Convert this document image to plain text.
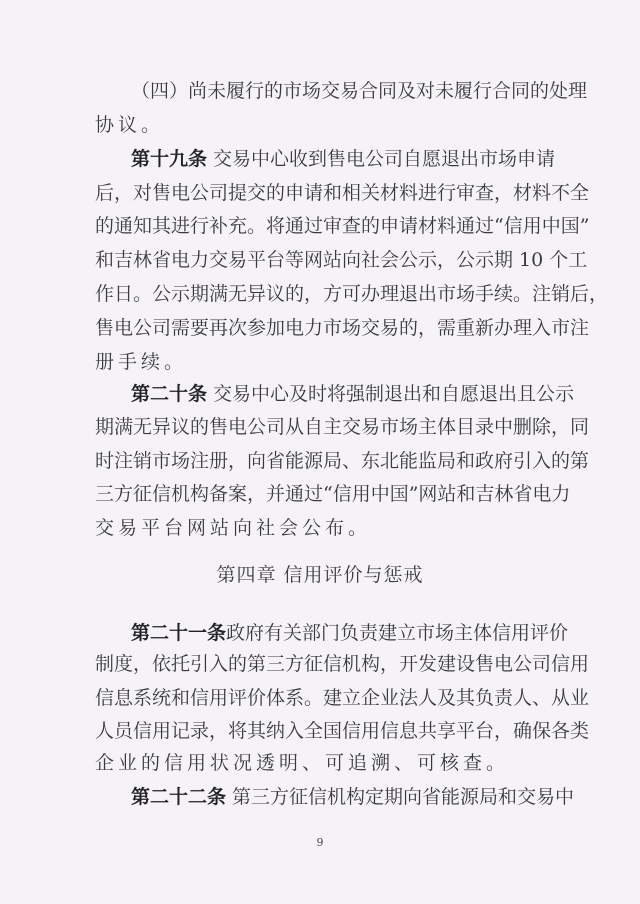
（四）尚未履行的市场交易合同及对未履行合同的处理
协议。
第十九条 交易中心收到售电公司自愿退出市场申请
后，对售电公司提交的申请和相关材料进行审查，材料不全
的通知其进行补充。将通过审查的申请材料通过“信用中国”
和吉林省电力交易平台等网站向社会公示，公示期 10 个工
作日。公示期满无异议的，方可办理退出市场手续。注销后，
售电公司需要再次参加电力市场交易的，需重新办理入市注
册手续。
第二十条 交易中心及时将强制退出和自愿退出且公示
期满无异议的售电公司从自主交易市场主体目录中删除，同
时注销市场注册，向省能源局、东北能监局和政府引入的第
三方征信机构备案，并通过“信用中国”网站和吉林省电力
交易平台网站向社会公布。
第四章 信用评价与惩戒
第二十一条政府有关部门负责建立市场主体信用评价
制度，依托引入的第三方征信机构，开发建设售电公司信用
信息系统和信用评价体系。建立企业法人及其负责人、从业
人员信用记录，将其纳入全国信用信息共享平台，确保各类
企业的信用状况透明、可追溯、可核查。
第二十二条 第三方征信机构定期向省能源局和交易中
9
